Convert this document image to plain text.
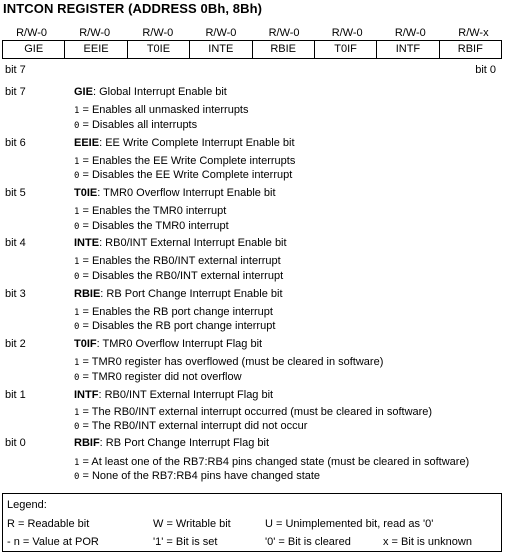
INTCON REGISTER (ADDRESS 0Bh, 8Bh)
R/W-0	R/W-0	R/W-0	R/W-0	R/W-0	R/W-0	R/W-0	R/W-x
GIE	EEIE	T0IE	INTE	RBIE	T0IF	INTF	RBIF
bit 7	bit 0
bit 7	GIE: Global Interrupt Enable bit
1 = Enables all unmasked interrupts
0 = Disables all interrupts
bit 6	EEIE: EE Write Complete Interrupt Enable bit
1 = Enables the EE Write Complete interrupts
0 = Disables the EE Write Complete interrupt
bit 5	T0IE: TMR0 Overflow Interrupt Enable bit
1 = Enables the TMR0 interrupt
0 = Disables the TMR0 interrupt
bit 4	INTE: RB0/INT External Interrupt Enable bit
1 = Enables the RB0/INT external interrupt
0 = Disables the RB0/INT external interrupt
bit 3	RBIE: RB Port Change Interrupt Enable bit
1 = Enables the RB port change interrupt
0 = Disables the RB port change interrupt
bit 2	T0IF: TMR0 Overflow Interrupt Flag bit
1 = TMR0 register has overflowed (must be cleared in software)
0 = TMR0 register did not overflow
bit 1	INTF: RB0/INT External Interrupt Flag bit
1 = The RB0/INT external interrupt occurred (must be cleared in software)
0 = The RB0/INT external interrupt did not occur
bit 0	RBIF: RB Port Change Interrupt Flag bit
1 = At least one of the RB7:RB4 pins changed state (must be cleared in software)
0 = None of the RB7:RB4 pins have changed state
Legend:
R = Readable bit	W = Writable bit	U = Unimplemented bit, read as '0'
- n = Value at POR	'1' = Bit is set	'0' = Bit is cleared	x = Bit is unknown
